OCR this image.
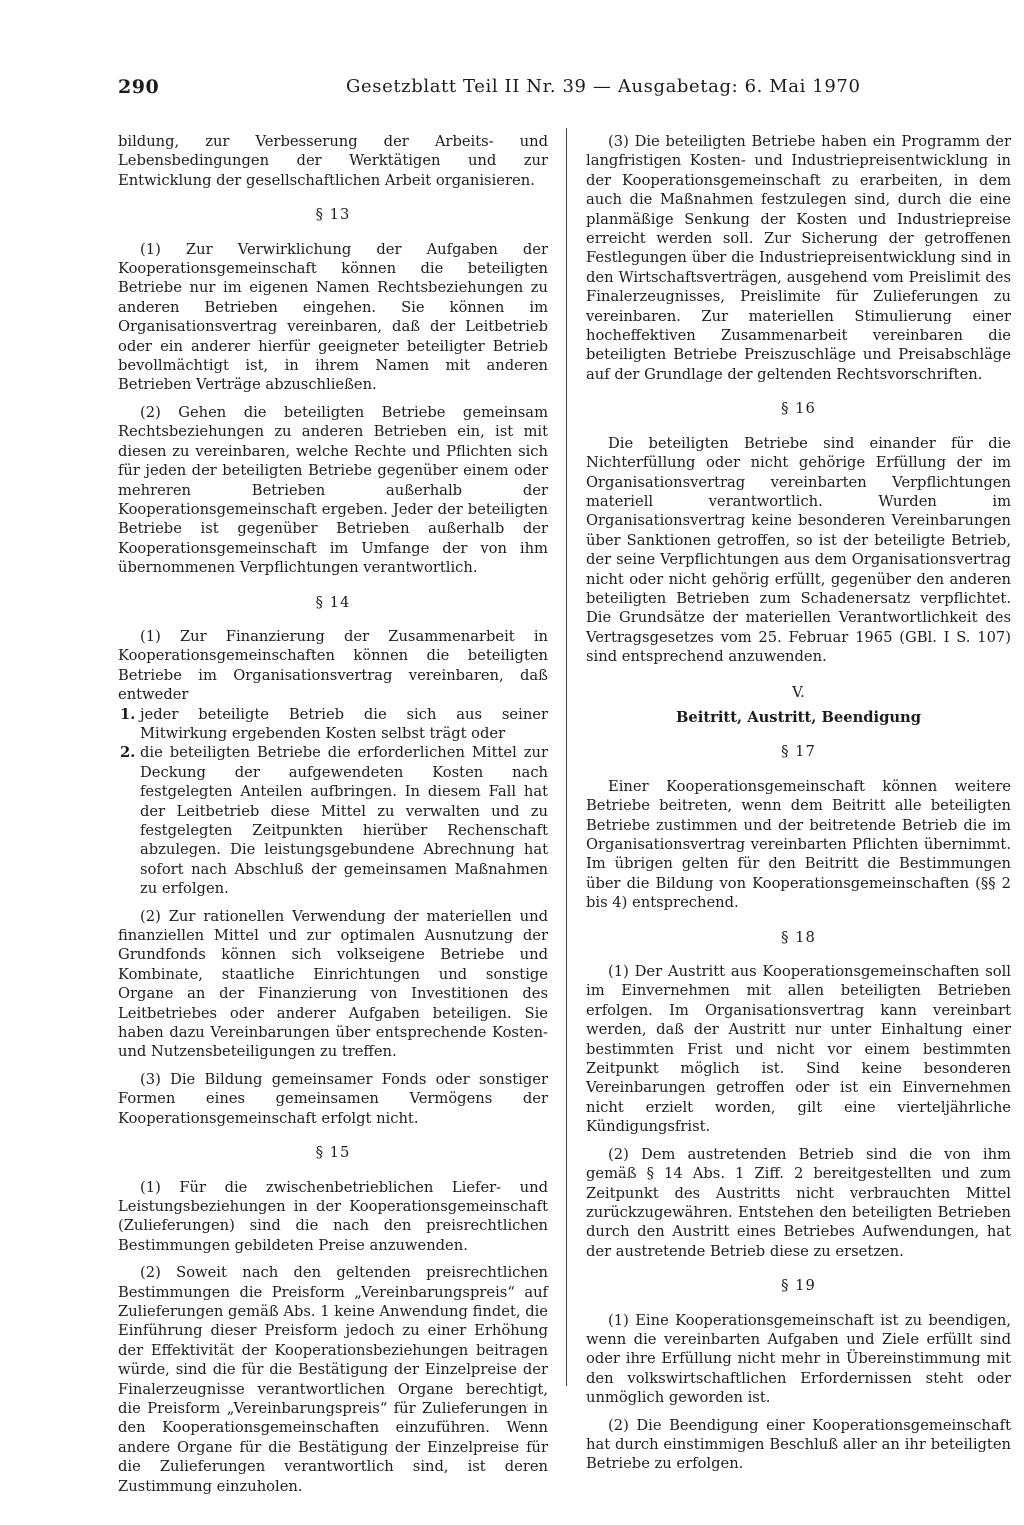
290	Gesetzblatt Teil II Nr. 39 — Ausgabetag: 6. Mai 1970

bildung, zur Verbesserung der Arbeits- und Lebensbedingungen der Werktätigen und zur Entwicklung der gesellschaftlichen Arbeit organisieren.

§ 13

(1) Zur Verwirklichung der Aufgaben der Kooperationsgemeinschaft können die beteiligten Betriebe nur im eigenen Namen Rechtsbeziehungen zu anderen Betrieben eingehen. Sie können im Organisationsvertrag vereinbaren, daß der Leitbetrieb oder ein anderer hierfür geeigneter beteiligter Betrieb bevollmächtigt ist, in ihrem Namen mit anderen Betrieben Verträge abzuschließen.

(2) Gehen die beteiligten Betriebe gemeinsam Rechtsbeziehungen zu anderen Betrieben ein, ist mit diesen zu vereinbaren, welche Rechte und Pflichten sich für jeden der beteiligten Betriebe gegenüber einem oder mehreren Betrieben außerhalb der Kooperationsgemeinschaft ergeben. Jeder der beteiligten Betriebe ist gegenüber Betrieben außerhalb der Kooperationsgemeinschaft im Umfange der von ihm übernommenen Verpflichtungen verantwortlich.

§ 14

(1) Zur Finanzierung der Zusammenarbeit in Kooperationsgemeinschaften können die beteiligten Betriebe im Organisationsvertrag vereinbaren, daß entweder

1. jeder beteiligte Betrieb die sich aus seiner Mitwirkung ergebenden Kosten selbst trägt oder
2. die beteiligten Betriebe die erforderlichen Mittel zur Deckung der aufgewendeten Kosten nach festgelegten Anteilen aufbringen. In diesem Fall hat der Leitbetrieb diese Mittel zu verwalten und zu festgelegten Zeitpunkten hierüber Rechenschaft abzulegen. Die leistungsgebundene Abrechnung hat sofort nach Abschluß der gemeinsamen Maßnahmen zu erfolgen.

(2) Zur rationellen Verwendung der materiellen und finanziellen Mittel und zur optimalen Ausnutzung der Grundfonds können sich volkseigene Betriebe und Kombinate, staatliche Einrichtungen und sonstige Organe an der Finanzierung von Investitionen des Leitbetriebes oder anderer Aufgaben beteiligen. Sie haben dazu Vereinbarungen über entsprechende Kosten- und Nutzensbeteiligungen zu treffen.

(3) Die Bildung gemeinsamer Fonds oder sonstiger Formen eines gemeinsamen Vermögens der Kooperationsgemeinschaft erfolgt nicht.

§ 15

(1) Für die zwischenbetrieblichen Liefer- und Leistungsbeziehungen in der Kooperationsgemeinschaft (Zulieferungen) sind die nach den preisrechtlichen Bestimmungen gebildeten Preise anzuwenden.

(2) Soweit nach den geltenden preisrechtlichen Bestimmungen die Preisform „Vereinbarungspreis“ auf Zulieferungen gemäß Abs. 1 keine Anwendung findet, die Einführung dieser Preisform jedoch zu einer Erhöhung der Effektivität der Kooperationsbeziehungen beitragen würde, sind die für die Bestätigung der Einzelpreise der Finalerzeugnisse verantwortlichen Organe berechtigt, die Preisform „Vereinbarungspreis“ für Zulieferungen in den Kooperationsgemeinschaften einzuführen. Wenn andere Organe für die Bestätigung der Einzelpreise für die Zulieferungen verantwortlich sind, ist deren Zustimmung einzuholen.

(3) Die beteiligten Betriebe haben ein Programm der langfristigen Kosten- und Industriepreisentwicklung in der Kooperationsgemeinschaft zu erarbeiten, in dem auch die Maßnahmen festzulegen sind, durch die eine planmäßige Senkung der Kosten und Industriepreise erreicht werden soll. Zur Sicherung der getroffenen Festlegungen über die Industriepreisentwicklung sind in den Wirtschaftsverträgen, ausgehend vom Preislimit des Finalerzeugnisses, Preislimite für Zulieferungen zu vereinbaren. Zur materiellen Stimulierung einer hocheffektiven Zusammenarbeit vereinbaren die beteiligten Betriebe Preiszuschläge und Preisabschläge auf der Grundlage der geltenden Rechtsvorschriften.

§ 16

Die beteiligten Betriebe sind einander für die Nichterfüllung oder nicht gehörige Erfüllung der im Organisationsvertrag vereinbarten Verpflichtungen materiell verantwortlich. Wurden im Organisationsvertrag keine besonderen Vereinbarungen über Sanktionen getroffen, so ist der beteiligte Betrieb, der seine Verpflichtungen aus dem Organisationsvertrag nicht oder nicht gehörig erfüllt, gegenüber den anderen beteiligten Betrieben zum Schadenersatz verpflichtet. Die Grundsätze der materiellen Verantwortlichkeit des Vertragsgesetzes vom 25. Februar 1965 (GBl. I S. 107) sind entsprechend anzuwenden.

V.
Beitritt, Austritt, Beendigung
§ 17

Einer Kooperationsgemeinschaft können weitere Betriebe beitreten, wenn dem Beitritt alle beteiligten Betriebe zustimmen und der beitretende Betrieb die im Organisationsvertrag vereinbarten Pflichten übernimmt. Im übrigen gelten für den Beitritt die Bestimmungen über die Bildung von Kooperationsgemeinschaften (§§ 2 bis 4) entsprechend.

§ 18

(1) Der Austritt aus Kooperationsgemeinschaften soll im Einvernehmen mit allen beteiligten Betrieben erfolgen. Im Organisationsvertrag kann vereinbart werden, daß der Austritt nur unter Einhaltung einer bestimmten Frist und nicht vor einem bestimmten Zeitpunkt möglich ist. Sind keine besonderen Vereinbarungen getroffen oder ist ein Einvernehmen nicht erzielt worden, gilt eine vierteljährliche Kündigungsfrist.

(2) Dem austretenden Betrieb sind die von ihm gemäß § 14 Abs. 1 Ziff. 2 bereitgestellten und zum Zeitpunkt des Austritts nicht verbrauchten Mittel zurückzugewähren. Entstehen den beteiligten Betrieben durch den Austritt eines Betriebes Aufwendungen, hat der austretende Betrieb diese zu ersetzen.

§ 19

(1) Eine Kooperationsgemeinschaft ist zu beendigen, wenn die vereinbarten Aufgaben und Ziele erfüllt sind oder ihre Erfüllung nicht mehr in Übereinstimmung mit den volkswirtschaftlichen Erfordernissen steht oder unmöglich geworden ist.

(2) Die Beendigung einer Kooperationsgemeinschaft hat durch einstimmigen Beschluß aller an ihr beteiligten Betriebe zu erfolgen.
